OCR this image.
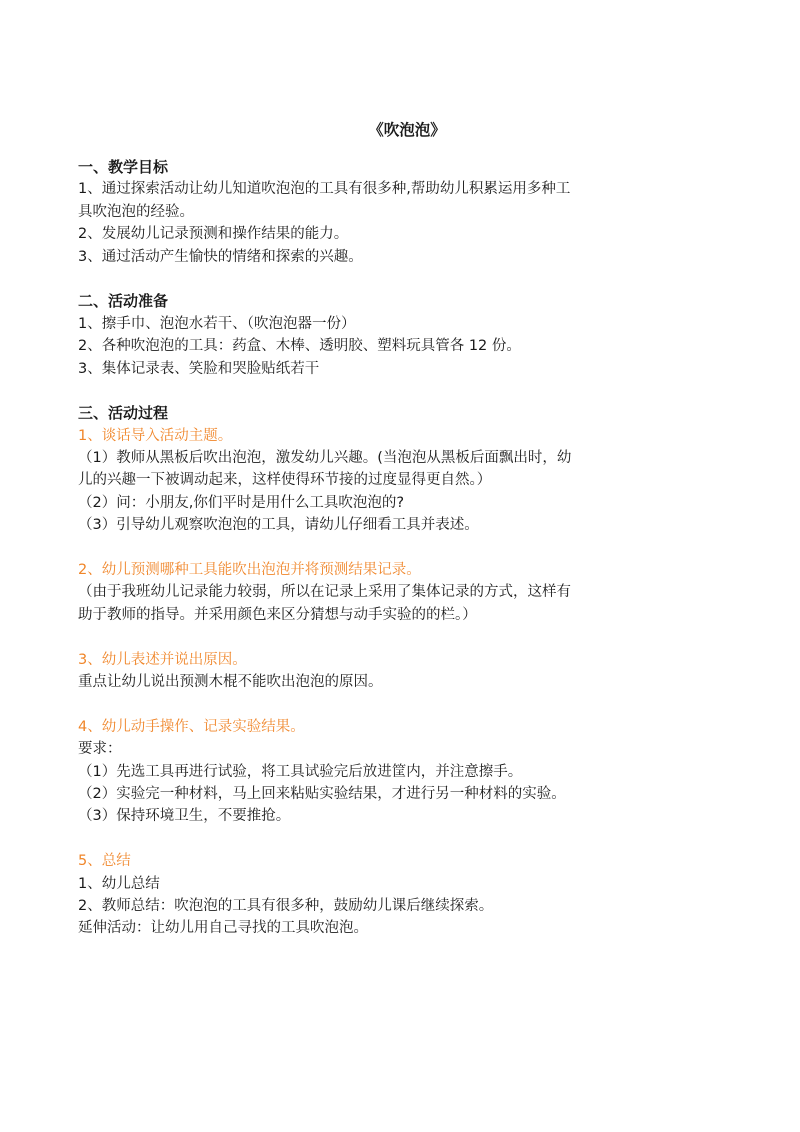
《吹泡泡》
一、教学目标
1、通过探索活动让幼儿知道吹泡泡的工具有很多种,帮助幼儿积累运用多种工
具吹泡泡的经验。
2、发展幼儿记录预测和操作结果的能力。
3、通过活动产生愉快的情绪和探索的兴趣。
二、活动准备
1、擦手巾、泡泡水若干、（吹泡泡器一份）
2、各种吹泡泡的工具：药盒、木棒、透明胶、塑料玩具管各 12 份。
3、集体记录表、笑脸和哭脸贴纸若干
三、活动过程
1、谈话导入活动主题。
（1）教师从黑板后吹出泡泡，激发幼儿兴趣。(当泡泡从黑板后面飘出时，幼
儿的兴趣一下被调动起来，这样使得环节接的过度显得更自然。）
（2）问：小朋友,你们平时是用什么工具吹泡泡的?
（3）引导幼儿观察吹泡泡的工具，请幼儿仔细看工具并表述。
2、幼儿预测哪种工具能吹出泡泡并将预测结果记录。
（由于我班幼儿记录能力较弱，所以在记录上采用了集体记录的方式，这样有
助于教师的指导。并采用颜色来区分猜想与动手实验的的栏。）
3、幼儿表述并说出原因。
重点让幼儿说出预测木棍不能吹出泡泡的原因。
4、幼儿动手操作、记录实验结果。
要求：
（1）先选工具再进行试验，将工具试验完后放进筐内，并注意擦手。
（2）实验完一种材料，马上回来粘贴实验结果，才进行另一种材料的实验。
（3）保持环境卫生，不要推抢。
5、总结
1、幼儿总结
2、教师总结：吹泡泡的工具有很多种，鼓励幼儿课后继续探索。
延伸活动：让幼儿用自己寻找的工具吹泡泡。
